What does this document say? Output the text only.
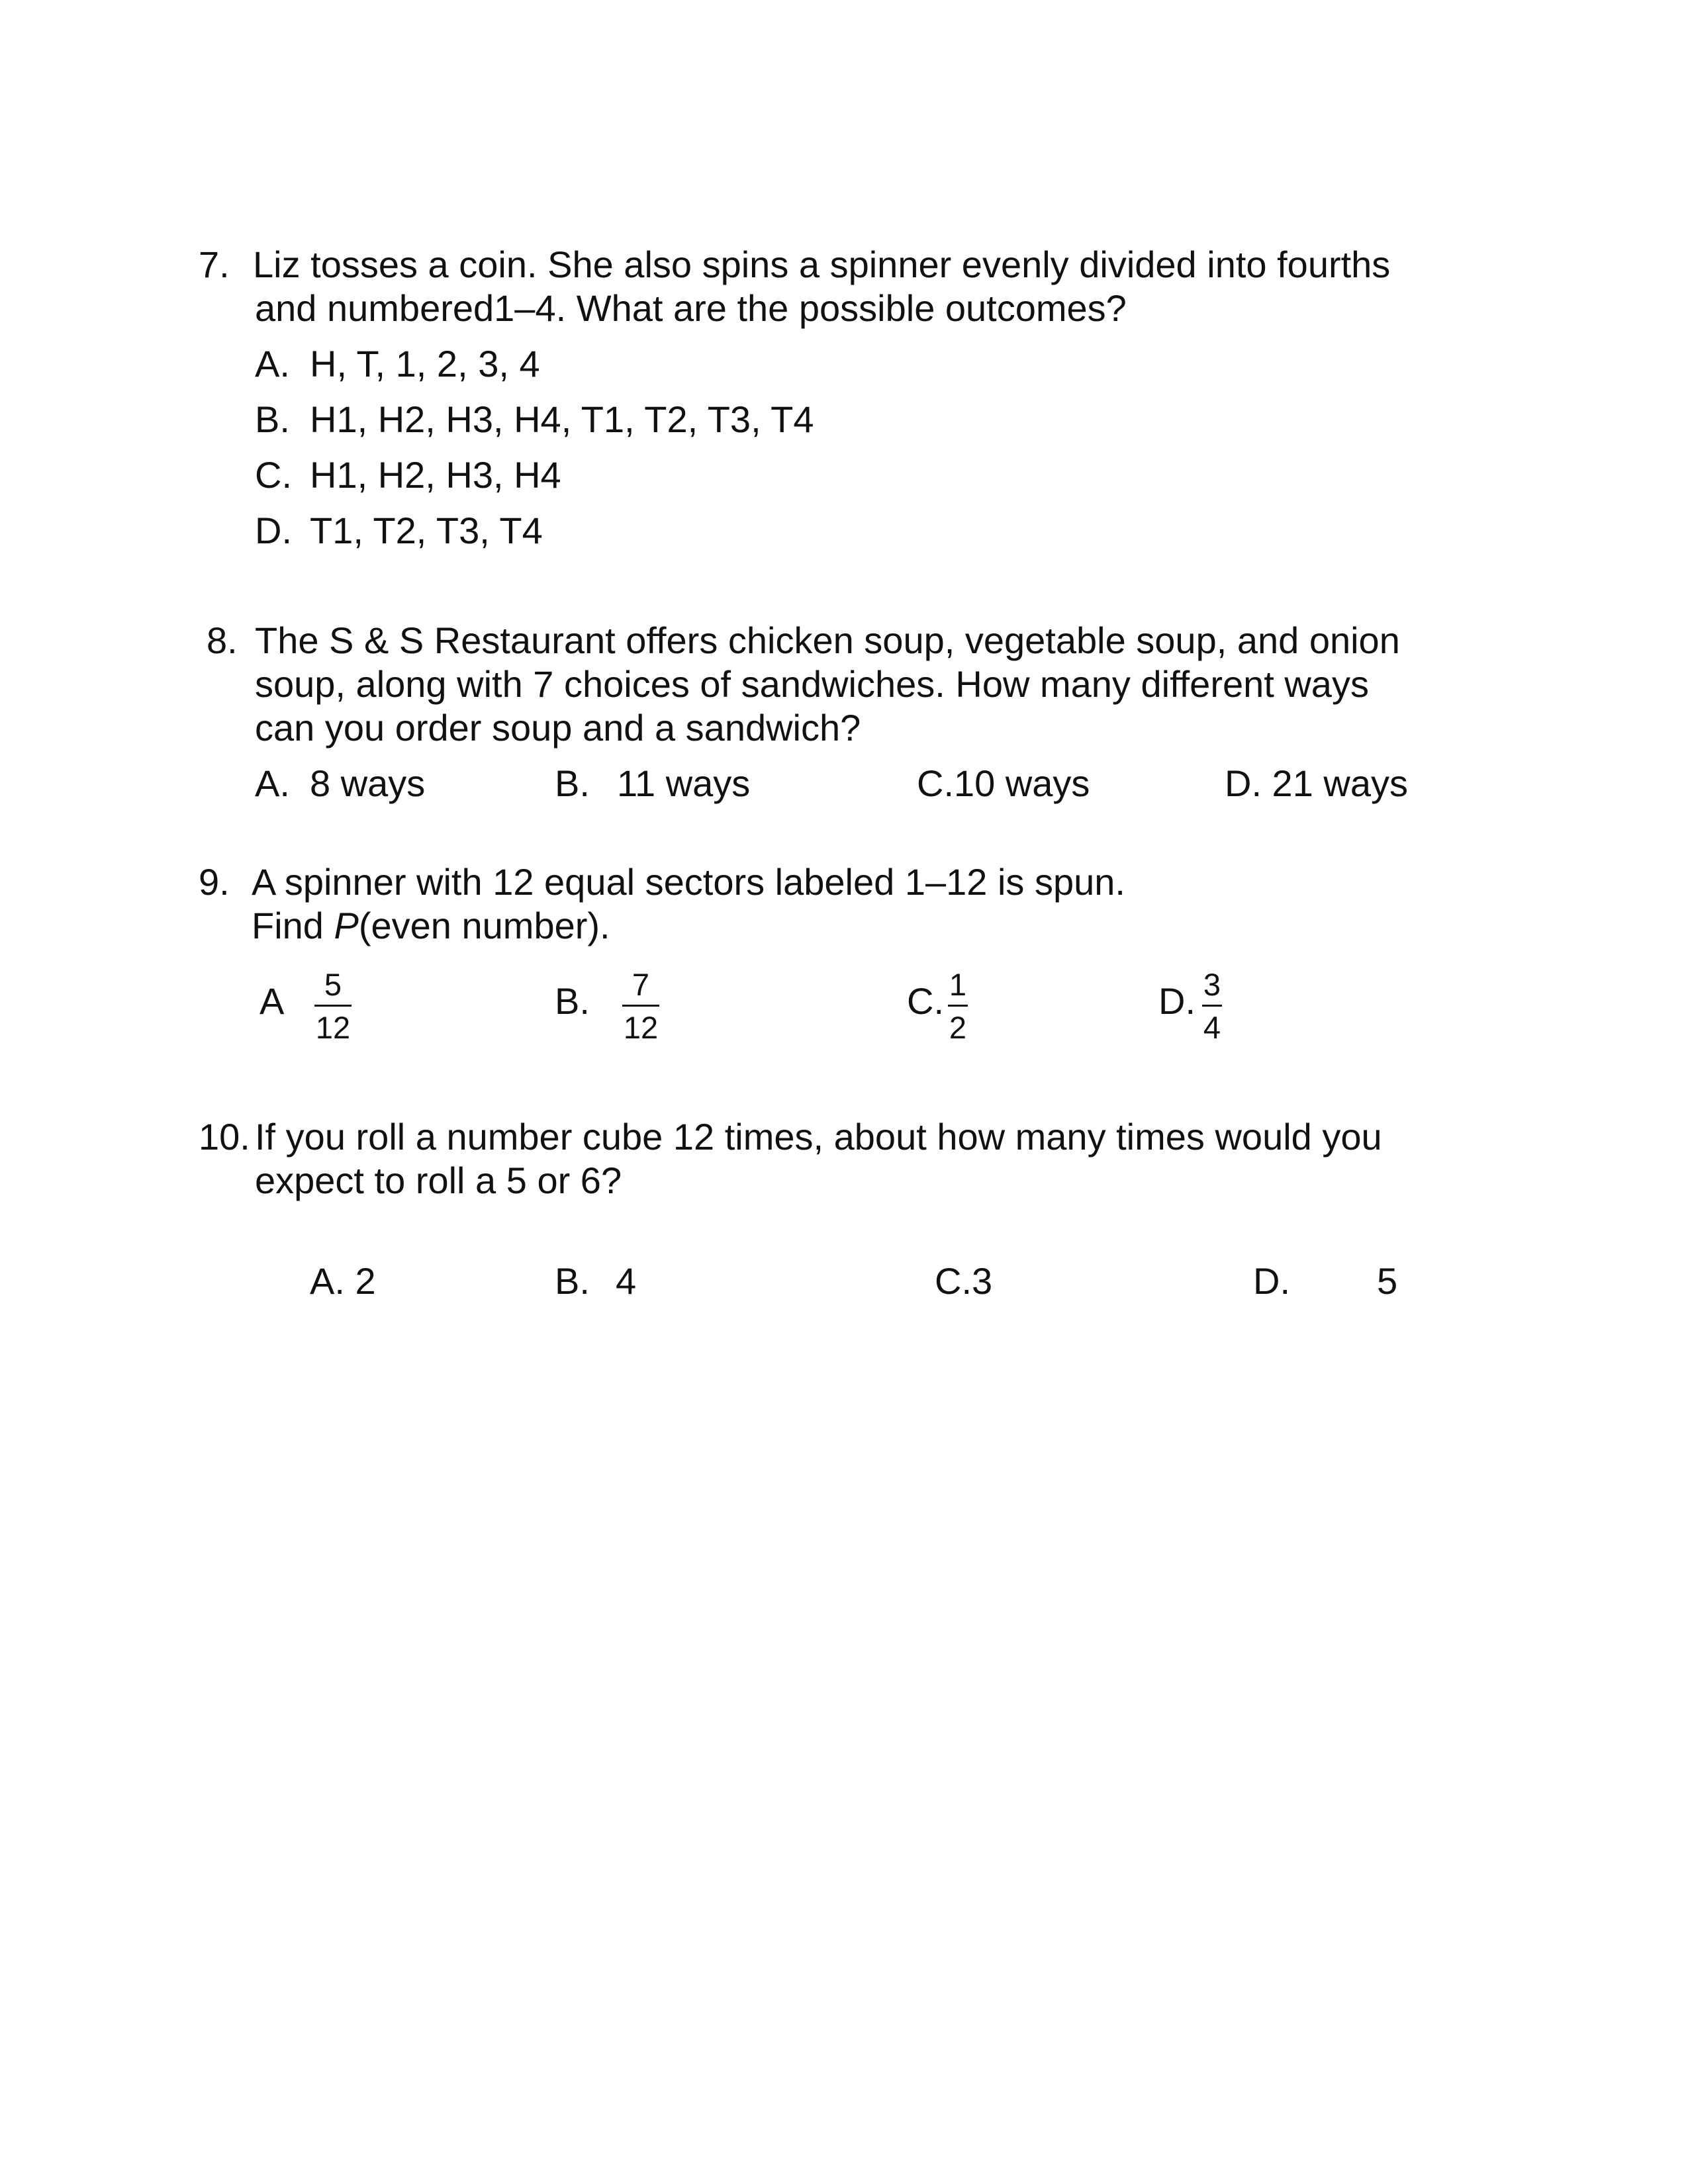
7. Liz tosses a coin. She also spins a spinner evenly divided into fourths
and numbered1–4. What are the possible outcomes?
A. H, T, 1, 2, 3, 4
B. H1, H2, H3, H4, T1, T2, T3, T4
C. H1, H2, H3, H4
D. T1, T2, T3, T4
8. The S & S Restaurant offers chicken soup, vegetable soup, and onion
soup, along with 7 choices of sandwiches. How many different ways
can you order soup and a sandwich?
A. 8 ways	B. 11 ways	C.10 ways	D. 21 ways
9. A spinner with 12 equal sectors labeled 1–12 is spun.
Find P(even number).
A 5
12
B. 7
12
C. 1
2
D. 3
4
10. If you roll a number cube 12 times, about how many times would you
expect to roll a 5 or 6?
A. 2	B. 4	C.3	D. 5
